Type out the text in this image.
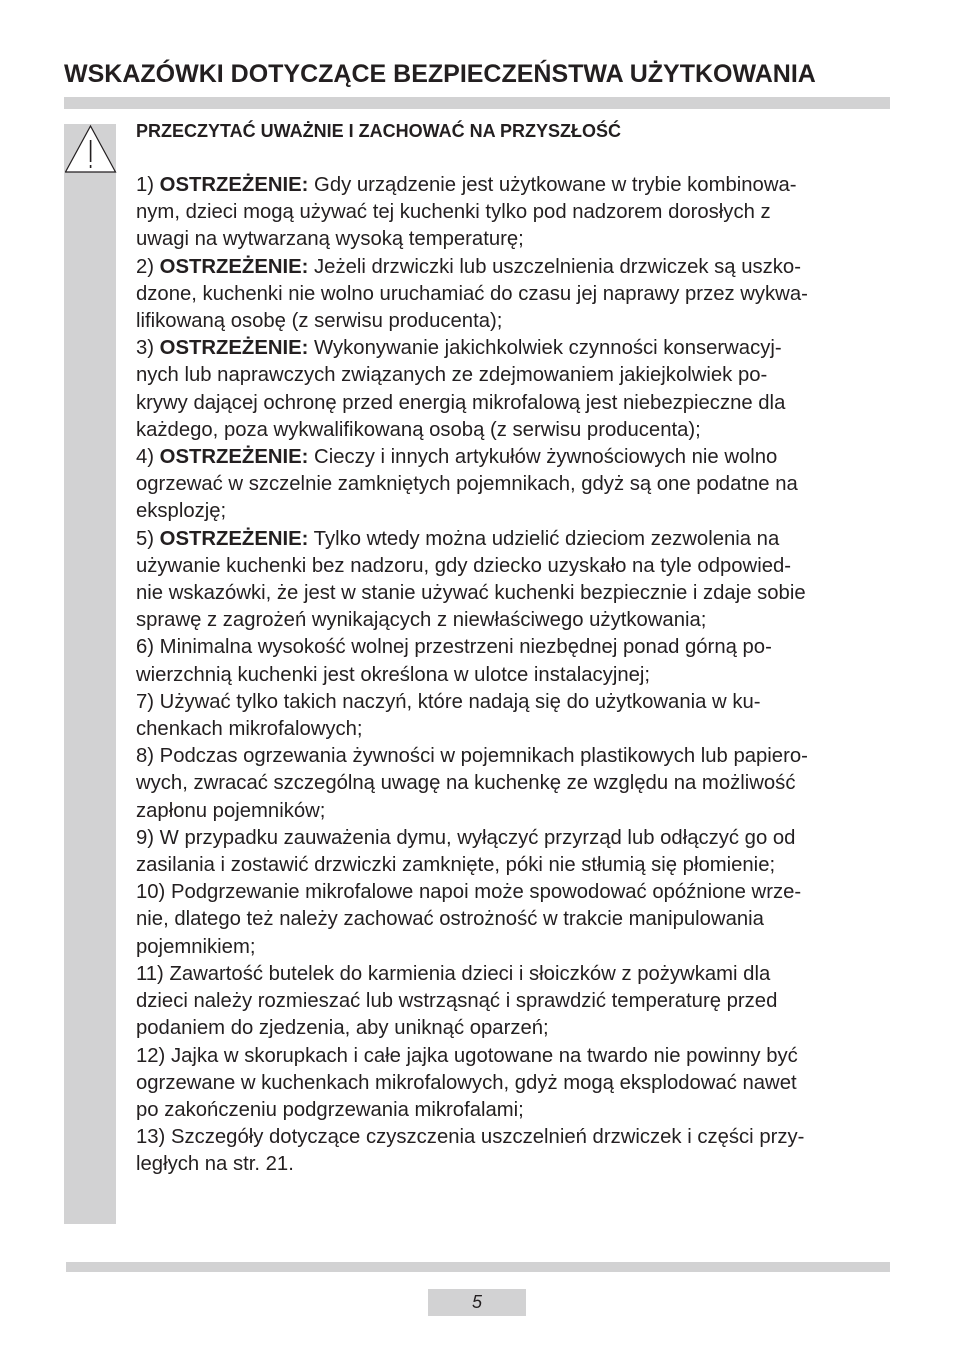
WSKAZÓWKI DOTYCZĄCE BEZPIECZEŃSTWA UŻYTKOWANIA
PRZECZYTAĆ UWAŻNIE I ZACHOWAĆ NA PRZYSZŁOŚĆ

1) OSTRZEŻENIE: Gdy urządzenie jest użytkowane w trybie kombinowa-
nym, dzieci mogą używać tej kuchenki tylko pod nadzorem dorosłych z
uwagi na wytwarzaną wysoką temperaturę;

2) OSTRZEŻENIE: Jeżeli drzwiczki lub uszczelnienia drzwiczek są uszko-
dzone, kuchenki nie wolno uruchamiać do czasu jej naprawy przez wykwa-
lifikowaną osobę (z serwisu producenta);

3) OSTRZEŻENIE: Wykonywanie jakichkolwiek czynności konserwacyj-
nych lub naprawczych związanych ze zdejmowaniem jakiejkolwiek po-
krywy dającej ochronę przed energią mikrofalową jest niebezpieczne dla
każdego, poza wykwalifikowaną osobą (z serwisu producenta);

4) OSTRZEŻENIE: Cieczy i innych artykułów żywnościowych nie wolno
ogrzewać w szczelnie zamkniętych pojemnikach, gdyż są one podatne na
eksplozję;

5) OSTRZEŻENIE: Tylko wtedy można udzielić dzieciom zezwolenia na
używanie kuchenki bez nadzoru, gdy dziecko uzyskało na tyle odpowied-
nie wskazówki, że jest w stanie używać kuchenki bezpiecznie i zdaje sobie
sprawę z zagrożeń wynikających z niewłaściwego użytkowania;

6) Minimalna wysokość wolnej przestrzeni niezbędnej ponad górną po-
wierzchnią kuchenki jest określona w ulotce instalacyjnej;

7) Używać tylko takich naczyń, które nadają się do użytkowania w ku-
chenkach mikrofalowych;

8) Podczas ogrzewania żywności w pojemnikach plastikowych lub papiero-
wych, zwracać szczególną uwagę na kuchenkę ze względu na możliwość
zapłonu pojemników;

9) W przypadku zauważenia dymu, wyłączyć przyrząd lub odłączyć go od
zasilania i zostawić drzwiczki zamknięte, póki nie stłumią się płomienie;

10) Podgrzewanie mikrofalowe napoi może spowodować opóźnione wrze-
nie, dlatego też należy zachować ostrożność w trakcie manipulowania
pojemnikiem;

11) Zawartość butelek do karmienia dzieci i słoiczków z pożywkami dla
dzieci należy rozmieszać lub wstrząsnąć i sprawdzić temperaturę przed
podaniem do zjedzenia, aby uniknąć oparzeń;

12) Jajka w skorupkach i całe jajka ugotowane na twardo nie powinny być
ogrzewane w kuchenkach mikrofalowych, gdyż mogą eksplodować nawet
po zakończeniu podgrzewania mikrofalami;

13) Szczegóły dotyczące czyszczenia uszczelnień drzwiczek i części przy-
ległych na str. 21.

5
